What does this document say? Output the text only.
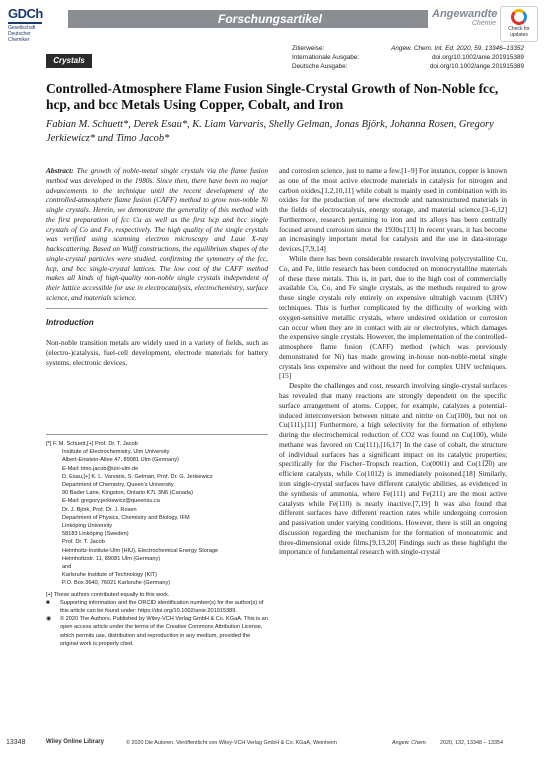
GDCh
Gesellschaft Deutscher Chemiker
Forschungsartikel	Angewandte
Chemie
Check for updates
Zitierweise:	Angew. Chem. Int. Ed. 2020, 59, 13346–13352
Internationale Ausgabe:	doi.org/10.1002/anie.201915389
Deutsche Ausgabe:	doi.org/10.1002/ange.201915389
Crystals
Controlled-Atmosphere Flame Fusion Single-Crystal Growth of Non-Noble fcc, hcp, and bcc Metals Using Copper, Cobalt, and Iron
Fabian M. Schuett*, Derek Esau*, K. Liam Varvaris, Shelly Gelman, Jonas Björk, Johanna Rosen, Gregory Jerkiewicz* und Timo Jacob*
Abstract: The growth of noble-metal single crystals via the flame fusion method was developed in the 1980s. Since then, there have been no major advancements to the technique until the recent development of the controlled-atmosphere flame fusion (CAFF) method to grow non-noble Ni single crystals. Herein, we demonstrate the generality of this method with the first preparation of fcc Cu as well as the first hcp and bcc single crystals of Co and Fe, respectively. The high quality of the single crystals was verified using scanning electron microscopy and Laue X-ray backscattering. Based on Wulff constructions, the equilibrium shapes of the single-crystal particles were studied, confirming the symmetry of the fcc, hcp, and bcc single-crystal lattices. The low cost of the CAFF method makes all kinds of high-quality non-noble single crystals independent of their lattice accessible for use in electrocatalysis, electrochemistry, surface science, and materials science.
Introduction
Non-noble transition metals are widely used in a variety of fields, such as (electro-)catalysis, fuel-cell development, electrode materials for battery systems, electronic devices,

[*] F. M. Schuett,[+] Prof. Dr. T. Jacob

Institute of Electrochemistry, Ulm University

Albert-Einstein-Allee 47, 89081 Ulm (Germany)

E-Mail: timo.jacob@uni-ulm.de

D. Esau,[+] K. L. Varvaris, S. Gelman, Prof. Dr. G. Jerkiewicz

Department of Chemistry, Queen's University

90 Bader Lane, Kingston, Ontario K7L 3N6 (Canada)

E-Mail: gregory.jerkiewicz@queensu.ca

Dr. J. Björk, Prof. Dr. J. Rosen

Department of Physics, Chemistry and Biology, IFM

Linköping University

58183 Linköping (Sweden)

Prof. Dr. T. Jacob

Helmholtz-Institute-Ulm (HIU), Electrochemical Energy Storage

Helmholtzstr. 11, 89081 Ulm (Germany)

and

Karlsruhe Institute of Technology (KIT)

P.O. Box 3640, 76021 Karlsruhe (Germany)

[+] These authors contributed equally to this work.

■	Supporting information and the ORCID identification number(s) for the author(s) of this article can be found under: https://doi.org/10.1002/anie.201915389.
◉	© 2020 The Authors. Published by Wiley-VCH Verlag GmbH & Co. KGaA. This is an open access article under the terms of the Creative Commons Attribution License, which permits use, distribution and reproduction in any medium, provided the original work is properly cited.

and corrosion science, just to name a few.[1–9] For instance, copper is known as one of the most active electrode materials in catalysis for nitrogen and carbon oxides,[1,2,10,11] while cobalt is mainly used in combination with its oxides for the production of new electrode and nanostructured materials in the fields of electrocatalysis, energy storage, and material science.[3–6,12] Furthermore, research pertaining to iron and its alloys has been centrally focused around corrosion since the 1930s.[13] In recent years, it has become an increasingly important metal for catalysis and the use in data-storage devices.[7,9,14]

While there has been considerable research involving polycrystalline Cu, Co, and Fe, little research has been conducted on monocrystalline materials of these three metals. This is, in part, due to the high cost of commercially available Cu, Co, and Fe single crystals, as the methods required to grow these single crystals rely entirely on expensive ultrahigh vacuum (UHV) techniques. This is further complicated by the difficulty of working with oxygen-sensitive metallic crystals, where undesired oxidation or corrosion can occur when they are in contact with air or electrolytes, which damages the expensive single crystals. However, the implementation of the controlled-atmosphere flame fusion (CAFF) method (which was previously demonstrated for Ni) has made growing in-house non-noble-metal single crystals less expensive and without the need for complex UHV techniques.[15]

Despite the challenges and cost, research involving single-crystal surfaces has revealed that many reactions are strongly dependent on the specific surface arrangement of atoms. Copper, for example, catalyzes a potential-induced interconversion between nitrate and nitrite on Cu(100), but not on Cu(111).[11] Furthermore, a high selectivity for the formation of ethylene during the electrochemical reduction of CO2 was found on Cu(100), while methane was favored on Cu(111).[16,17] In the case of cobalt, the structure of individual surfaces has a significant impact on its catalytic properties; specifically for the Fischer–Tropsch reaction, Co(0001) and Co(11̅2̅0) are efficient catalysts, while Co(1012) is immediately poisoned.[18] Similarly, iron single-crystal surfaces have different catalytic abilities, as evidenced in the synthesis of ammonia, where Fe(111) and Fe(211) are the most active catalysts while Fe(110) is nearly inactive.[7,19] It was also found that different surfaces have different reaction rates while undergoing corrosion and passivation under varying conditions. However, there is still an ongoing discussion regarding the mechanism for the formation of monoatomic and three-dimensional oxide films.[9,13,20] Findings such as these highlight the importance of fundamental research with single-crystal

13348	Wiley Online Library	© 2020 Die Autoren. Veröffentlicht von Wiley-VCH Verlag GmbH & Co. KGaA, Weinheim	Angew. Chem. 2020, 132, 13348 – 13354
